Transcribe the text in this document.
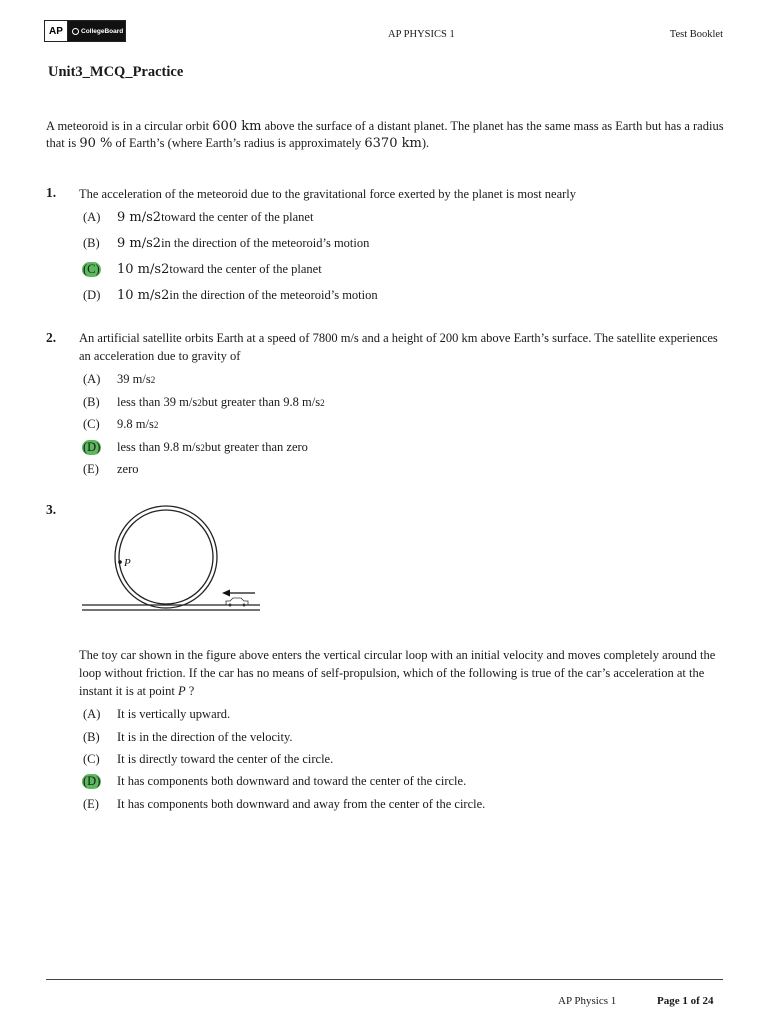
AP	CollegeBoard	AP PHYSICS 1	Test Booklet
Unit3_MCQ_Practice
A meteoroid is in a circular orbit 600 km above the surface of a distant planet. The planet has the same mass as Earth but has a radius that is 90 % of Earth’s (where Earth’s radius is approximately 6370 km).
1. The acceleration of the meteoroid due to the gravitational force exerted by the planet is most nearly
(A)	9 m/s 2 toward the center of the planet
(B)	9 m/s 2 in the direction of the meteoroid’s motion
(C)	10 m/s 2 toward the center of the planet
(D)	10 m/s 2 in the direction of the meteoroid’s motion
2. An artificial satellite orbits Earth at a speed of 7800 m/s and a height of 200 km above Earth’s surface. The satellite experiences an acceleration due to gravity of
(A)	39 m/s 2
(B)	less than 39 m/s 2 but greater than 9.8 m/s 2
(C)	9.8 m/s 2
(D)	less than 9.8 m/s 2 but greater than zero
(E)	zero
3.
P
The toy car shown in the figure above enters the vertical circular loop with an initial velocity and moves completely around the loop without friction. If the car has no means of self-propulsion, which of the following is true of the car’s acceleration at the instant it is at point P ?
(A)	It is vertically upward.
(B)	It is in the direction of the velocity.
(C)	It is directly toward the center of the circle.
(D)	It has components both downward and toward the center of the circle.
(E)	It has components both downward and away from the center of the circle.
AP Physics 1	Page 1 of 24
